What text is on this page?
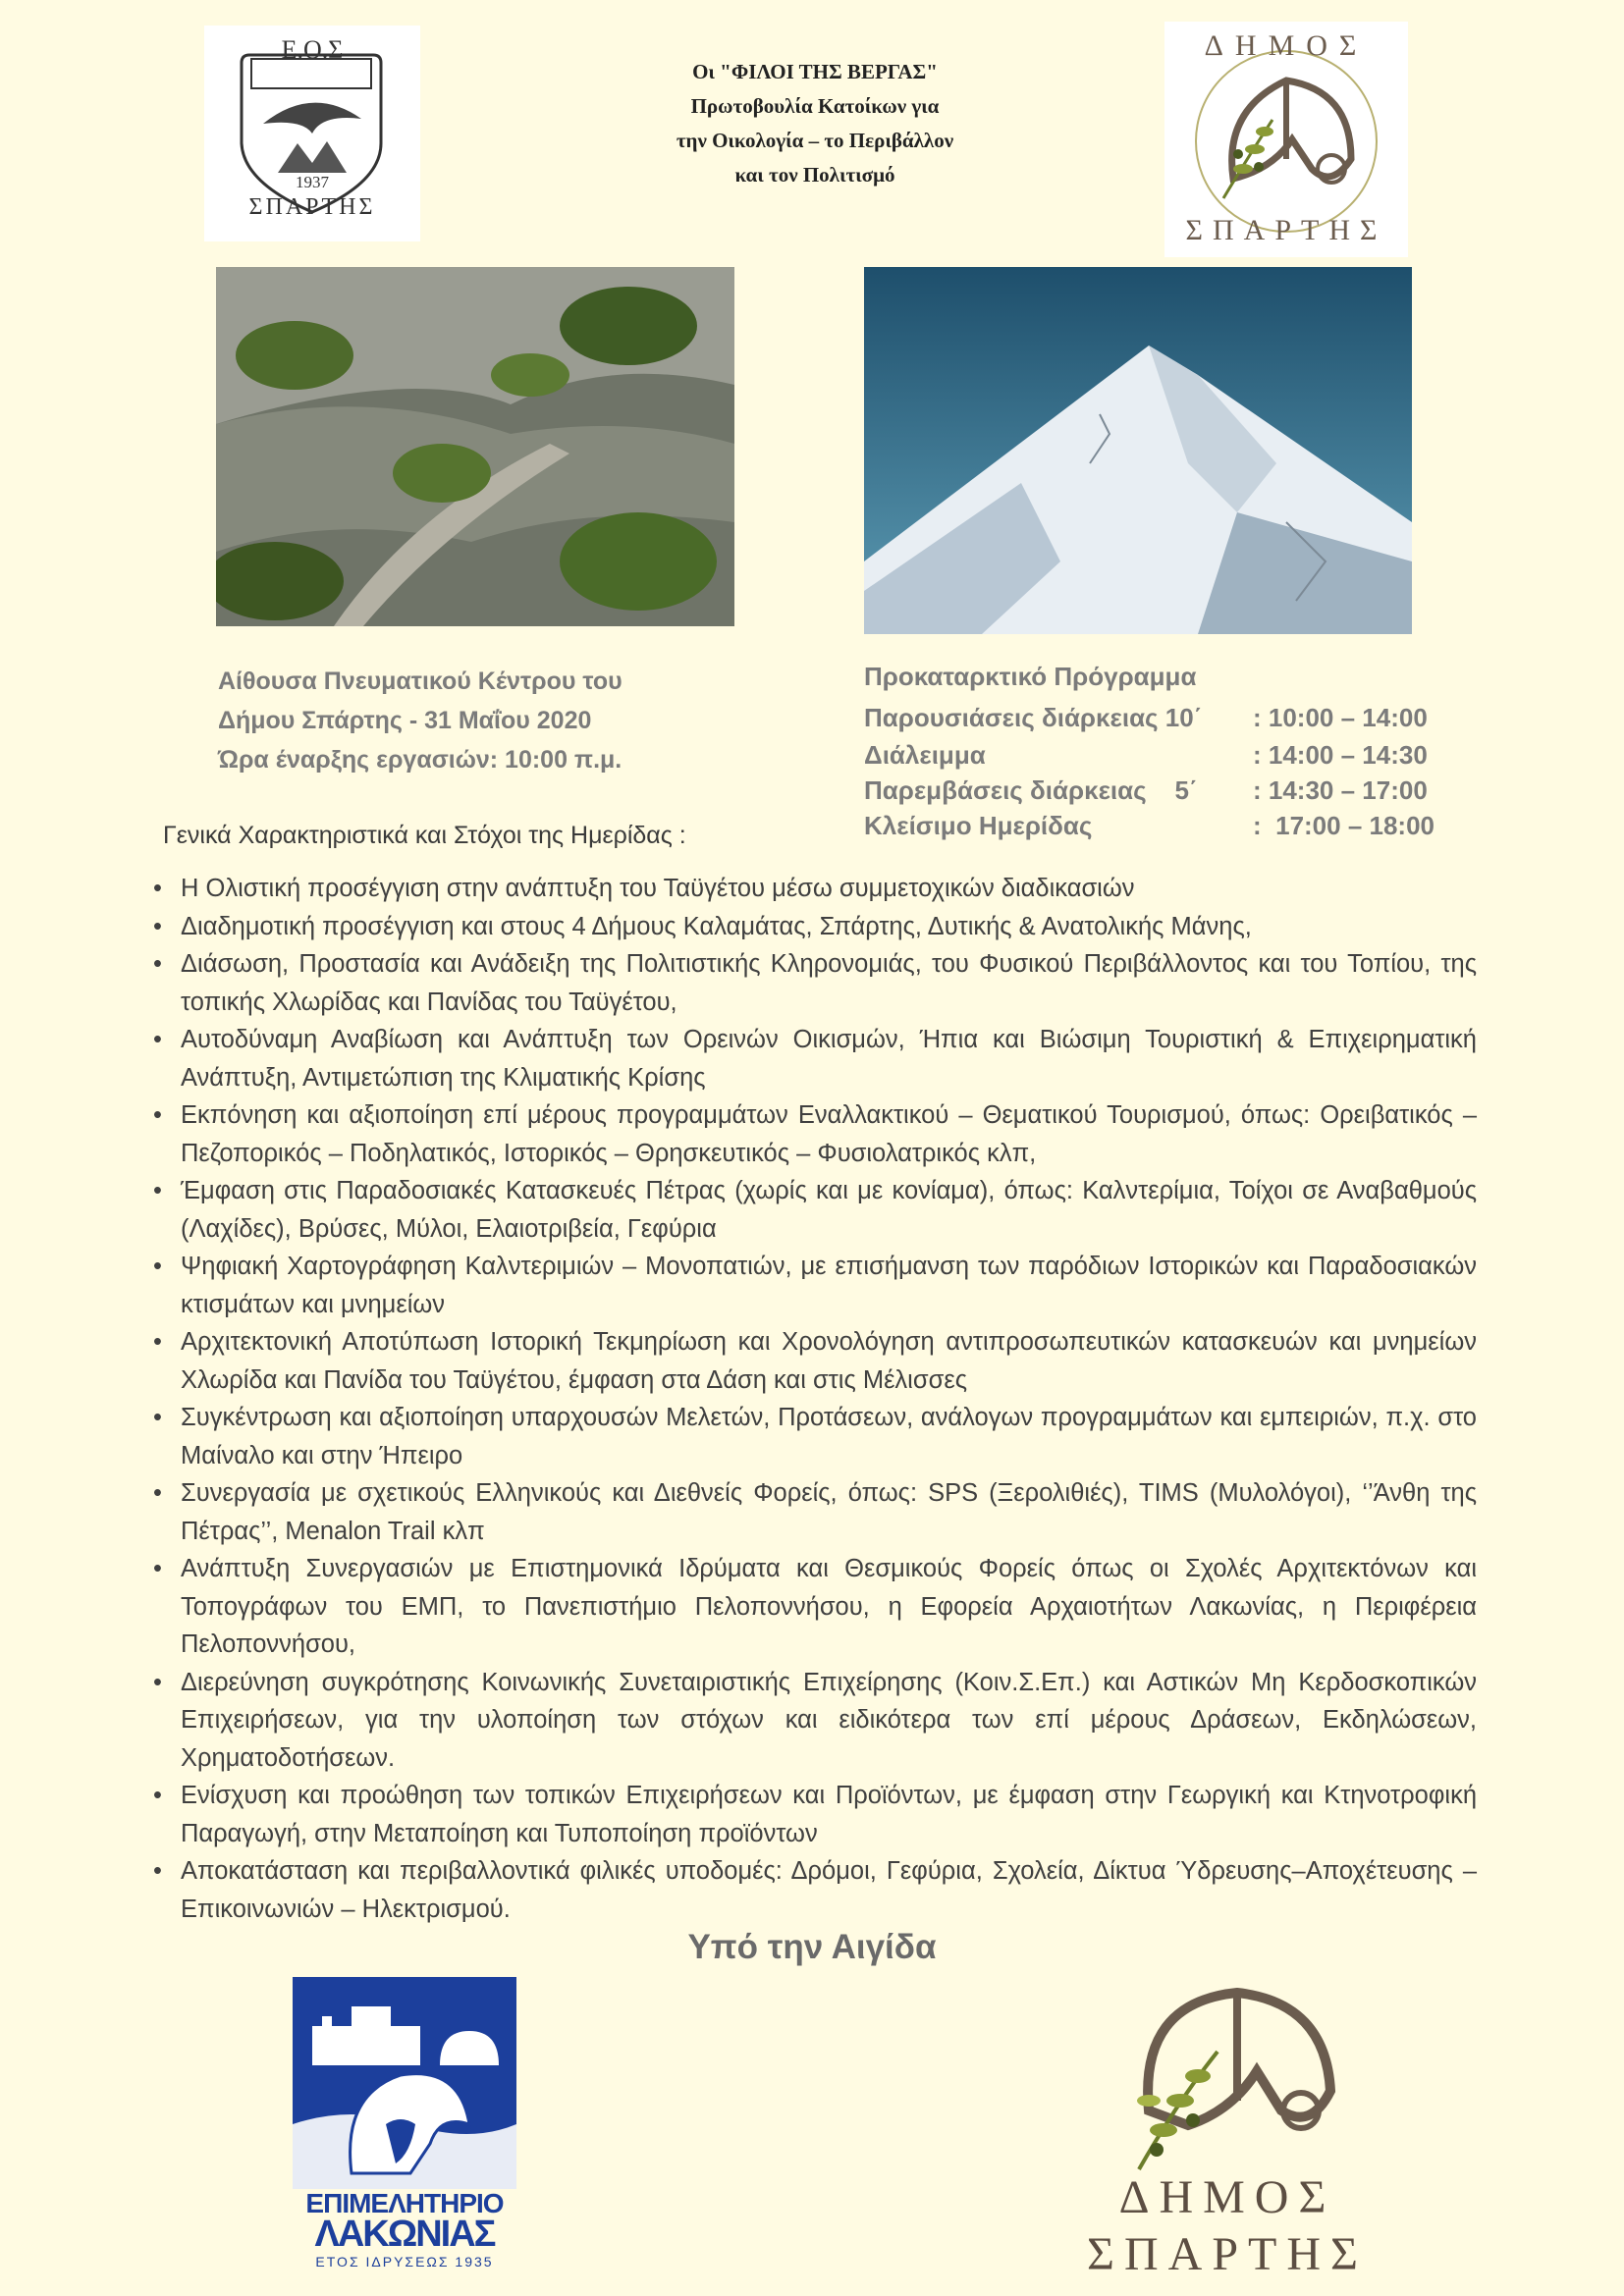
Ε.Ο.Σ
1937
ΣΠΑΡΤΗΣ
Οι "ΦΙΛΟΙ ΤΗΣ ΒΕΡΓΑΣ"
Πρωτοβουλία Κατοίκων για
την Οικολογία – το Περιβάλλον
και τον Πολιτισμό
ΔΗΜΟΣ
ΣΠΑΡΤΗΣ
Αίθουσα Πνευματικού Κέντρου του
Δήμου Σπάρτης - 31 Μαΐου 2020
Ώρα έναρξης εργασιών: 10:00 π.μ.
Προκαταρκτικό Πρόγραμμα
Παρουσιάσεις διάρκειας 10΄ : 10:00 – 14:00
Διάλειμμα	: 14:00 – 14:30
Παρεμβάσεις διάρκειας    5΄ : 14:30 – 17:00
Κλείσιμο Ημερίδας	:  17:00 – 18:00
Γενικά Χαρακτηριστικά και Στόχοι της Ημερίδας :
• Η Ολιστική προσέγγιση στην ανάπτυξη του Ταϋγέτου μέσω συμμετοχικών διαδικασιών
• Διαδημοτική προσέγγιση και στους 4 Δήμους Καλαμάτας, Σπάρτης, Δυτικής & Ανατολικής Μάνης,
• Διάσωση, Προστασία και Ανάδειξη της Πολιτιστικής Κληρονομιάς, του Φυσικού Περιβάλλοντος και του Τοπίου, της τοπικής Χλωρίδας και Πανίδας του Ταϋγέτου,
• Αυτοδύναμη Αναβίωση και Ανάπτυξη των Ορεινών Οικισμών, Ήπια και Βιώσιμη Τουριστική & Επιχειρηματική Ανάπτυξη, Αντιμετώπιση της Κλιματικής Κρίσης
• Εκπόνηση και αξιοποίηση επί μέρους προγραμμάτων Εναλλακτικού – Θεματικού Τουρισμού, όπως: Ορειβατικός – Πεζοπορικός – Ποδηλατικός, Ιστορικός – Θρησκευτικός – Φυσιολατρικός κλπ,
• Έμφαση στις Παραδοσιακές Κατασκευές Πέτρας (χωρίς και με κονίαμα), όπως: Καλντερίμια, Τοίχοι σε Αναβαθμούς (Λαχίδες), Βρύσες, Μύλοι, Ελαιοτριβεία, Γεφύρια
• Ψηφιακή Χαρτογράφηση Καλντεριμιών – Μονοπατιών, με επισήμανση των παρόδιων Ιστορικών και Παραδοσιακών κτισμάτων και μνημείων
• Αρχιτεκτονική Αποτύπωση Ιστορική Τεκμηρίωση και Χρονολόγηση αντιπροσωπευτικών κατασκευών και μνημείων Χλωρίδα και Πανίδα του Ταϋγέτου, έμφαση στα Δάση και στις Μέλισσες
• Συγκέντρωση και αξιοποίηση υπαρχουσών Μελετών, Προτάσεων, ανάλογων προγραμμάτων και εμπειριών, π.χ. στο Μαίναλο και στην Ήπειρο
• Συνεργασία με σχετικούς Ελληνικούς και Διεθνείς Φορείς, όπως: SPS (Ξερολιθιές), TIMS (Μυλολόγοι), ‘’Άνθη της Πέτρας’’, Menalon Trail κλπ
• Ανάπτυξη Συνεργασιών με Επιστημονικά Ιδρύματα και Θεσμικούς Φορείς όπως οι Σχολές Αρχιτεκτόνων και Τοπογράφων του ΕΜΠ, το Πανεπιστήμιο Πελοποννήσου, η Εφορεία Αρχαιοτήτων Λακωνίας, η Περιφέρεια Πελοποννήσου,
• Διερεύνηση συγκρότησης Κοινωνικής Συνεταιριστικής Επιχείρησης (Κοιν.Σ.Επ.) και Αστικών Μη Κερδοσκοπικών Επιχειρήσεων, για την υλοποίηση των στόχων και ειδικότερα των επί μέρους Δράσεων, Εκδηλώσεων, Χρηματοδοτήσεων.
• Ενίσχυση και προώθηση των τοπικών Επιχειρήσεων και Προϊόντων, με έμφαση στην Γεωργική και Κτηνοτροφική Παραγωγή, στην Μεταποίηση και Τυποποίηση προϊόντων
• Αποκατάσταση και περιβαλλοντικά φιλικές υποδομές: Δρόμοι, Γεφύρια, Σχολεία, Δίκτυα Ύδρευσης–Αποχέτευσης – Επικοινωνιών – Ηλεκτρισμού.
Υπό την Αιγίδα
ΕΠΙΜΕΛΗΤΗΡΙΟ
ΛΑΚΩΝΙΑΣ
ΕΤΟΣ ΙΔΡΥΣΕΩΣ 1935
ΔΗΜΟΣ
ΣΠΑΡΤΗΣ
